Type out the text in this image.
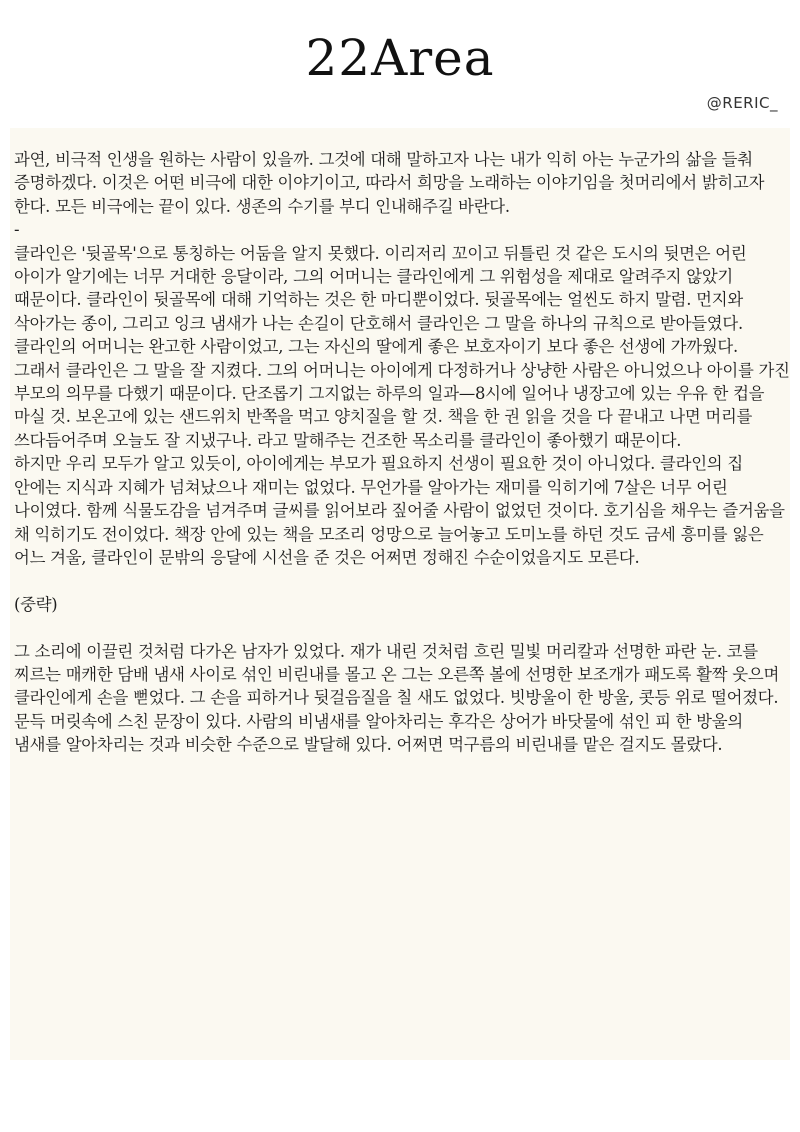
22Area
@RERIC_

과연, 비극적 인생을 원하는 사람이 있을까. 그것에 대해 말하고자 나는 내가 익히 아는 누군가의 삶을 들춰 증명하겠다. 이것은 어떤 비극에 대한 이야기이고, 따라서 희망을 노래하는 이야기임을 첫머리에서 밝히고자 한다. 모든 비극에는 끝이 있다. 생존의 수기를 부디 인내해주길 바란다.

-

클라인은 '뒷골목'으로 통칭하는 어둠을 알지 못했다. 이리저리 꼬이고 뒤틀린 것 같은 도시의 뒷면은 어린 아이가 알기에는 너무 거대한 응달이라, 그의 어머니는 클라인에게 그 위험성을 제대로 알려주지 않았기 때문이다. 클라인이 뒷골목에 대해 기억하는 것은 한 마디뿐이었다. 뒷골목에는 얼씬도 하지 말렴. 먼지와 삭아가는 종이, 그리고 잉크 냄새가 나는 손길이 단호해서 클라인은 그 말을 하나의 규칙으로 받아들였다. 클라인의 어머니는 완고한 사람이었고, 그는 자신의 딸에게 좋은 보호자이기 보다 좋은 선생에 가까웠다.

그래서 클라인은 그 말을 잘 지켰다. 그의 어머니는 아이에게 다정하거나 상냥한 사람은 아니었으나 아이를 가진 부모의 의무를 다했기 때문이다. 단조롭기 그지없는 하루의 일과—8시에 일어나 냉장고에 있는 우유 한 컵을 마실 것. 보온고에 있는 샌드위치 반쪽을 먹고 양치질을 할 것. 책을 한 권 읽을 것을 다 끝내고 나면 머리를 쓰다듬어주며 오늘도 잘 지냈구나. 라고 말해주는 건조한 목소리를 클라인이 좋아했기 때문이다.

하지만 우리 모두가 알고 있듯이, 아이에게는 부모가 필요하지 선생이 필요한 것이 아니었다. 클라인의 집 안에는 지식과 지혜가 넘쳐났으나 재미는 없었다. 무언가를 알아가는 재미를 익히기에 7살은 너무 어린 나이였다. 함께 식물도감을 넘겨주며 글씨를 읽어보라 짚어줄 사람이 없었던 것이다. 호기심을 채우는 즐거움을 채 익히기도 전이었다. 책장 안에 있는 책을 모조리 엉망으로 늘어놓고 도미노를 하던 것도 금세 흥미를 잃은 어느 겨울, 클라인이 문밖의 응달에 시선을 준 것은 어쩌면 정해진 수순이었을지도 모른다.

(중략)

그 소리에 이끌린 것처럼 다가온 남자가 있었다. 재가 내린 것처럼 흐린 밀빛 머리칼과 선명한 파란 눈. 코를 찌르는 매캐한 담배 냄새 사이로 섞인 비린내를 몰고 온 그는 오른쪽 볼에 선명한 보조개가 패도록 활짝 웃으며 클라인에게 손을 뻗었다. 그 손을 피하거나 뒷걸음질을 칠 새도 없었다. 빗방울이 한 방울, 콧등 위로 떨어졌다. 문득 머릿속에 스친 문장이 있다. 사람의 비냄새를 알아차리는 후각은 상어가 바닷물에 섞인 피 한 방울의 냄새를 알아차리는 것과 비슷한 수준으로 발달해 있다. 어쩌면 먹구름의 비린내를 맡은 걸지도 몰랐다.
